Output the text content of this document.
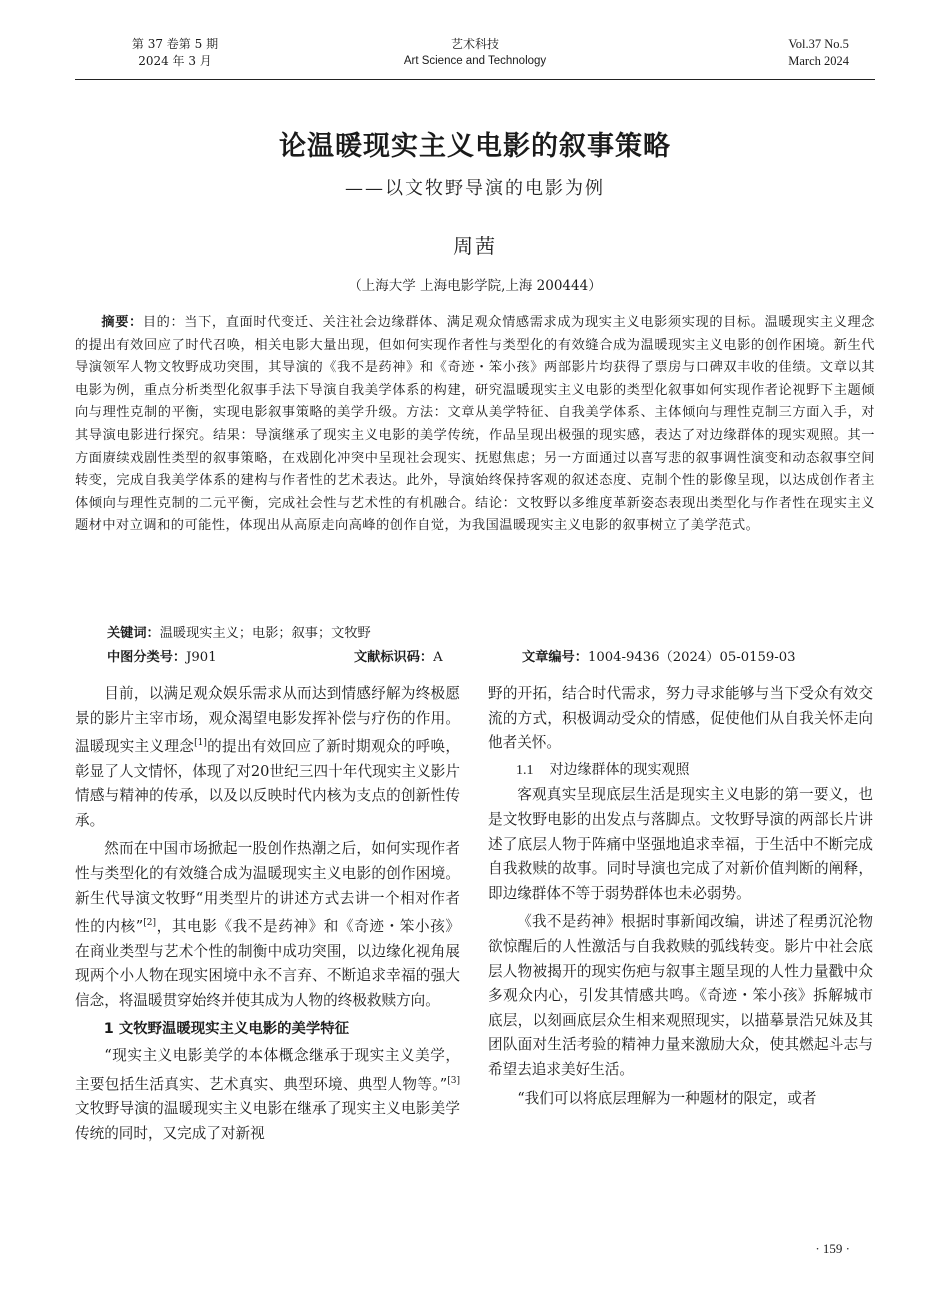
第 37 卷第 5 期
2024 年 3 月
艺术科技
Art Science and Technology
Vol.37 No.5
March 2024
论温暖现实主义电影的叙事策略
——以文牧野导演的电影为例
周茜
（上海大学 上海电影学院,上海 200444）
摘要：目的：当下，直面时代变迁、关注社会边缘群体、满足观众情感需求成为现实主义电影须实现的目标。温暖现实主义理念的提出有效回应了时代召唤，相关电影大量出现，但如何实现作者性与类型化的有效缝合成为温暖现实主义电影的创作困境。新生代导演领军人物文牧野成功突围，其导演的《我不是药神》和《奇迹・笨小孩》两部影片均获得了票房与口碑双丰收的佳绩。文章以其电影为例，重点分析类型化叙事手法下导演自我美学体系的构建，研究温暖现实主义电影的类型化叙事如何实现作者论视野下主题倾向与理性克制的平衡，实现电影叙事策略的美学升级。方法：文章从美学特征、自我美学体系、主体倾向与理性克制三方面入手，对其导演电影进行探究。结果：导演继承了现实主义电影的美学传统，作品呈现出极强的现实感，表达了对边缘群体的现实观照。其一方面赓续戏剧性类型的叙事策略，在戏剧化冲突中呈现社会现实、抚慰焦虑；另一方面通过以喜写悲的叙事调性演变和动态叙事空间转变，完成自我美学体系的建构与作者性的艺术表达。此外，导演始终保持客观的叙述态度、克制个性的影像呈现，以达成创作者主体倾向与理性克制的二元平衡，完成社会性与艺术性的有机融合。结论：文牧野以多维度革新姿态表现出类型化与作者性在现实主义题材中对立调和的可能性，体现出从高原走向高峰的创作自觉，为我国温暖现实主义电影的叙事树立了美学范式。
关键词：温暖现实主义；电影；叙事；文牧野
中图分类号：J901	文献标识码：A	文章编号：1004-9436（2024）05-0159-03

目前，以满足观众娱乐需求从而达到情感纾解为终极愿景的影片主宰市场，观众渴望电影发挥补偿与疗伤的作用。温暖现实主义理念[1]的提出有效回应了新时期观众的呼唤，彰显了人文情怀，体现了对20世纪三四十年代现实主义影片情感与精神的传承，以及以反映时代内核为支点的创新性传承。

然而在中国市场掀起一股创作热潮之后，如何实现作者性与类型化的有效缝合成为温暖现实主义电影的创作困境。新生代导演文牧野“用类型片的讲述方式去讲一个相对作者性的内核”[2]，其电影《我不是药神》和《奇迹・笨小孩》在商业类型与艺术个性的制衡中成功突围，以边缘化视角展现两个小人物在现实困境中永不言弃、不断追求幸福的强大信念，将温暖贯穿始终并使其成为人物的终极救赎方向。

1 文牧野温暖现实主义电影的美学特征

“现实主义电影美学的本体概念继承于现实主义美学，主要包括生活真实、艺术真实、典型环境、典型人物等。”[3]文牧野导演的温暖现实主义电影在继承了现实主义电影美学传统的同时，又完成了对新视

野的开拓，结合时代需求，努力寻求能够与当下受众有效交流的方式，积极调动受众的情感，促使他们从自我关怀走向他者关怀。

1.1 对边缘群体的现实观照

客观真实呈现底层生活是现实主义电影的第一要义，也是文牧野电影的出发点与落脚点。文牧野导演的两部长片讲述了底层人物于阵痛中坚强地追求幸福，于生活中不断完成自我救赎的故事。同时导演也完成了对新价值判断的阐释，即边缘群体不等于弱势群体也未必弱势。

《我不是药神》根据时事新闻改编，讲述了程勇沉沦物欲惊醒后的人性激活与自我救赎的弧线转变。影片中社会底层人物被揭开的现实伤疤与叙事主题呈现的人性力量戳中众多观众内心，引发其情感共鸣。《奇迹・笨小孩》拆解城市底层，以刻画底层众生相来观照现实，以描摹景浩兄妹及其团队面对生活考验的精神力量来激励大众，使其燃起斗志与希望去追求美好生活。

“我们可以将底层理解为一种题材的限定，或者

· 159 ·
